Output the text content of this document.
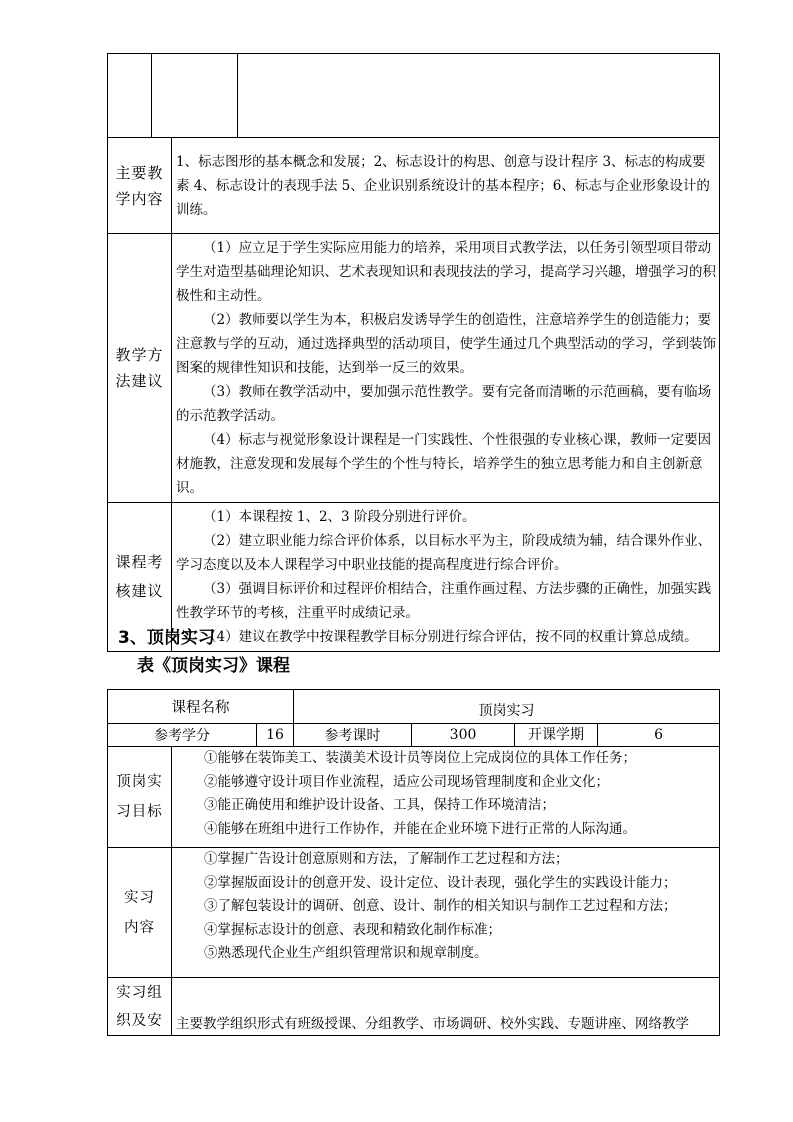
主要教学内容		1、标志图形的基本概念和发展；2、标志设计的构思、创意与设计程序 3、标志的构成要素 4、标志设计的表现手法 5、企业识别系统设计的基本程序；6、标志与企业形象设计的训练。	

教学方法建议		（1）应立足于学生实际应用能力的培养，采用项目式教学法，以任务引领型项目带动学生对造型基础理论知识、艺术表现知识和表现技法的学习，提高学习兴趣，增强学习的积极性和主动性。

（2）教师要以学生为本，积极启发诱导学生的创造性，注意培养学生的创造能力；要注意教与学的互动，通过选择典型的活动项目，使学生通过几个典型活动的学习，学到装饰图案的规律性知识和技能，达到举一反三的效果。

（3）教师在教学活动中，要加强示范性教学。要有完备而清晰的示范画稿，要有临场的示范教学活动。

（4）标志与视觉形象设计课程是一门实践性、个性很强的专业核心课，教师一定要因材施教，注意发现和发展每个学生的个性与特长，培养学生的独立思考能力和自主创新意识。	

课程考核建议		（1）本课程按 1、2、3 阶段分别进行评价。

（2）建立职业能力综合评价体系，以目标水平为主，阶段成绩为辅，结合课外作业、学习态度以及本人课程学习中职业技能的提高程度进行综合评价。

（3）强调目标评价和过程评价相结合，注重作画过程、方法步骤的正确性，加强实践性教学环节的考核，注重平时成绩记录。

（4）建议在教学中按课程教学目标分别进行综合评估，按不同的权重计算总成绩。	

3、顶岗实习
表《顶岗实习》课程
课程名称			顶岗实习		
参考学分		16	参考课时	300	开课学期 6

顶岗实习目标	①能够在装饰美工、装潢美术设计员等岗位上完成岗位的具体工作任务；

②能够遵守设计项目作业流程，适应公司现场管理制度和企业文化；

③能正确使用和维护设计设备、工具，保持工作环境清洁；

④能够在班组中进行工作协作，并能在企业环境下进行正常的人际沟通。				

实习内容	①掌握广告设计创意原则和方法，了解制作工艺过程和方法；

②掌握版面设计的创意开发、设计定位、设计表现，强化学生的实践设计能力；

③了解包装设计的调研、创意、设计、制作的相关知识与制作工艺过程和方法；

④掌握标志设计的创意、表现和精致化制作标准；

⑤熟悉现代企业生产组织管理常识和规章制度。				

实习组织及安	主要教学组织形式有班级授课、分组教学、市场调研、校外实践、专题讲座、网络教学				
